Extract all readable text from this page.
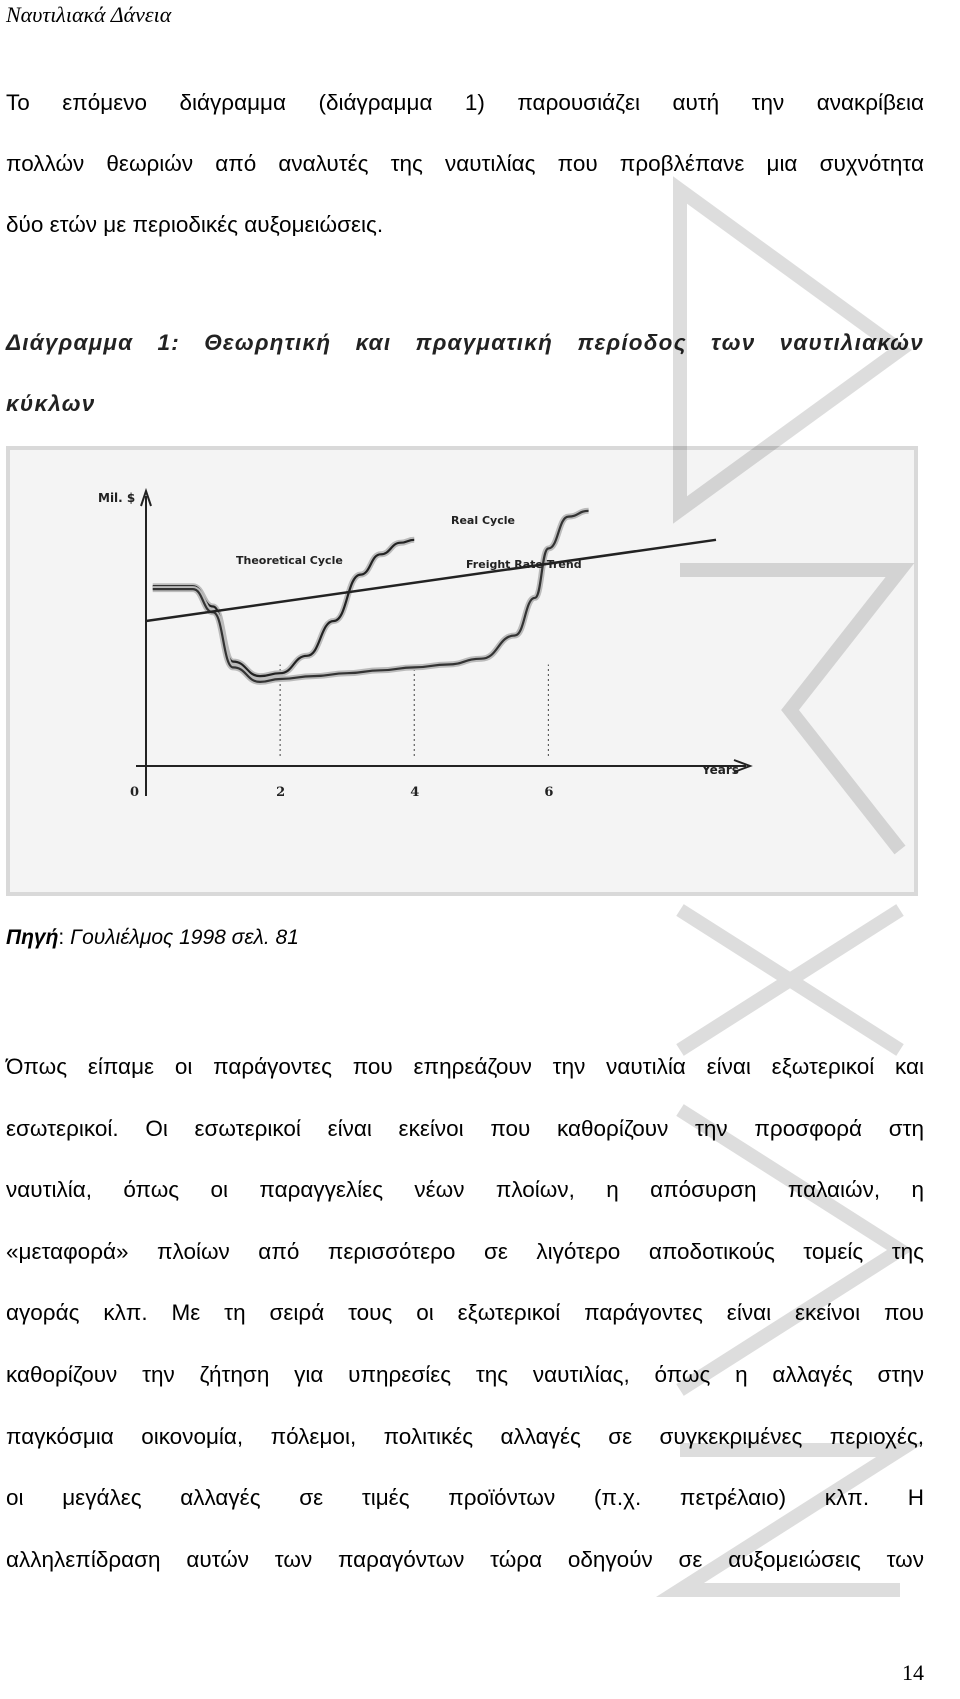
Ναυτιλιακά Δάνεια
Το επόμενο διάγραμμα (διάγραμμα 1) παρουσιάζει αυτή την ανακρίβεια
πολλών θεωριών από αναλυτές της ναυτιλίας που προβλέπανε μια συχνότητα
δύο ετών με περιοδικές αυξομειώσεις.
Διάγραμμα 1: Θεωρητική και πραγματική περίοδος των ναυτιλιακών
κύκλων
Mil. $
Years
0	2	4	6
Theoretical Cycle
Real Cycle
Freight Rate Trend
Πηγή: Γουλιέλμος 1998 σελ. 81
Όπως είπαμε οι παράγοντες που επηρεάζουν την ναυτιλία είναι εξωτερικοί και
εσωτερικοί. Οι εσωτερικοί είναι εκείνοι που καθορίζουν την προσφορά στη
ναυτιλία, όπως οι παραγγελίες νέων πλοίων, η απόσυρση παλαιών, η
«μεταφορά» πλοίων από περισσότερο σε λιγότερο αποδοτικούς τομείς της
αγοράς κλπ. Με τη σειρά τους οι εξωτερικοί παράγοντες είναι εκείνοι που
καθορίζουν την ζήτηση για υπηρεσίες της ναυτιλίας, όπως η αλλαγές στην
παγκόσμια οικονομία, πόλεμοι, πολιτικές αλλαγές σε συγκεκριμένες περιοχές,
οι μεγάλες αλλαγές σε τιμές προϊόντων (π.χ. πετρέλαιο) κλπ. Η
αλληλεπίδραση αυτών των παραγόντων τώρα οδηγούν σε αυξομειώσεις των
14
